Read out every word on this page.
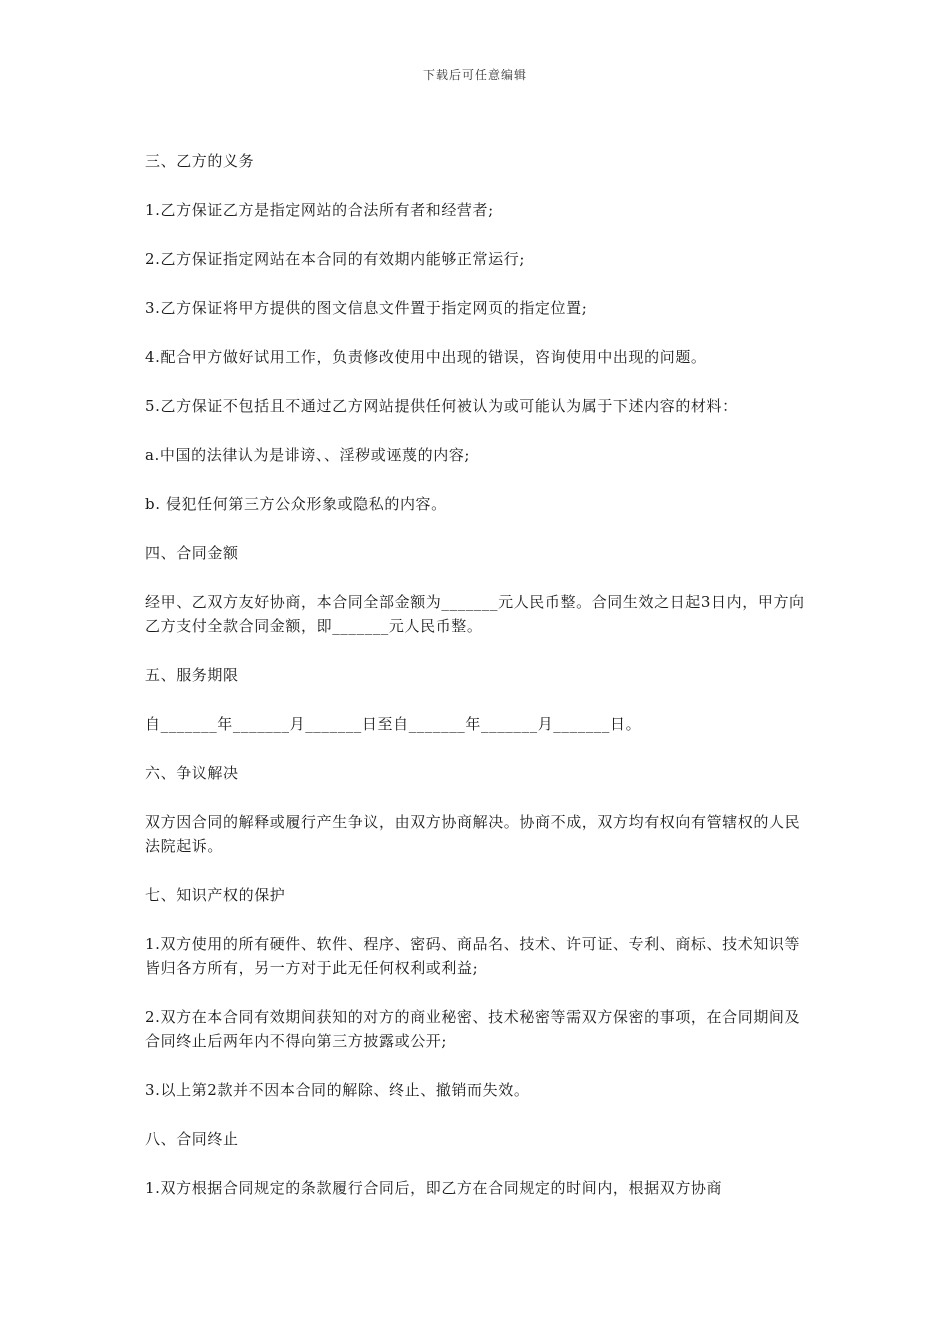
下载后可任意编辑

三、乙方的义务

1.乙方保证乙方是指定网站的合法所有者和经营者;

2.乙方保证指定网站在本合同的有效期内能够正常运行;

3.乙方保证将甲方提供的图文信息文件置于指定网页的指定位置;

4.配合甲方做好试用工作，负责修改使用中出现的错误，咨询使用中出现的问题。

5.乙方保证不包括且不通过乙方网站提供任何被认为或可能认为属于下述内容的材料：

a.中国的法律认为是诽谤、、淫秽或诬蔑的内容;

b. 侵犯任何第三方公众形象或隐私的内容。

四、合同金额

经甲、乙双方友好协商，本合同全部金额为_______元人民币整。合同生效之日起3日内，甲方向乙方支付全款合同金额，即_______元人民币整。

五、服务期限

自_______年_______月_______日至自_______年_______月_______日。

六、争议解决

双方因合同的解释或履行产生争议，由双方协商解决。协商不成，双方均有权向有管辖权的人民法院起诉。

七、知识产权的保护

1.双方使用的所有硬件、软件、程序、密码、商品名、技术、许可证、专利、商标、技术知识等皆归各方所有，另一方对于此无任何权利或利益;

2.双方在本合同有效期间获知的对方的商业秘密、技术秘密等需双方保密的事项，在合同期间及合同终止后两年内不得向第三方披露或公开;

3.以上第2款并不因本合同的解除、终止、撤销而失效。

八、合同终止

1.双方根据合同规定的条款履行合同后，即乙方在合同规定的时间内，根据双方协商
